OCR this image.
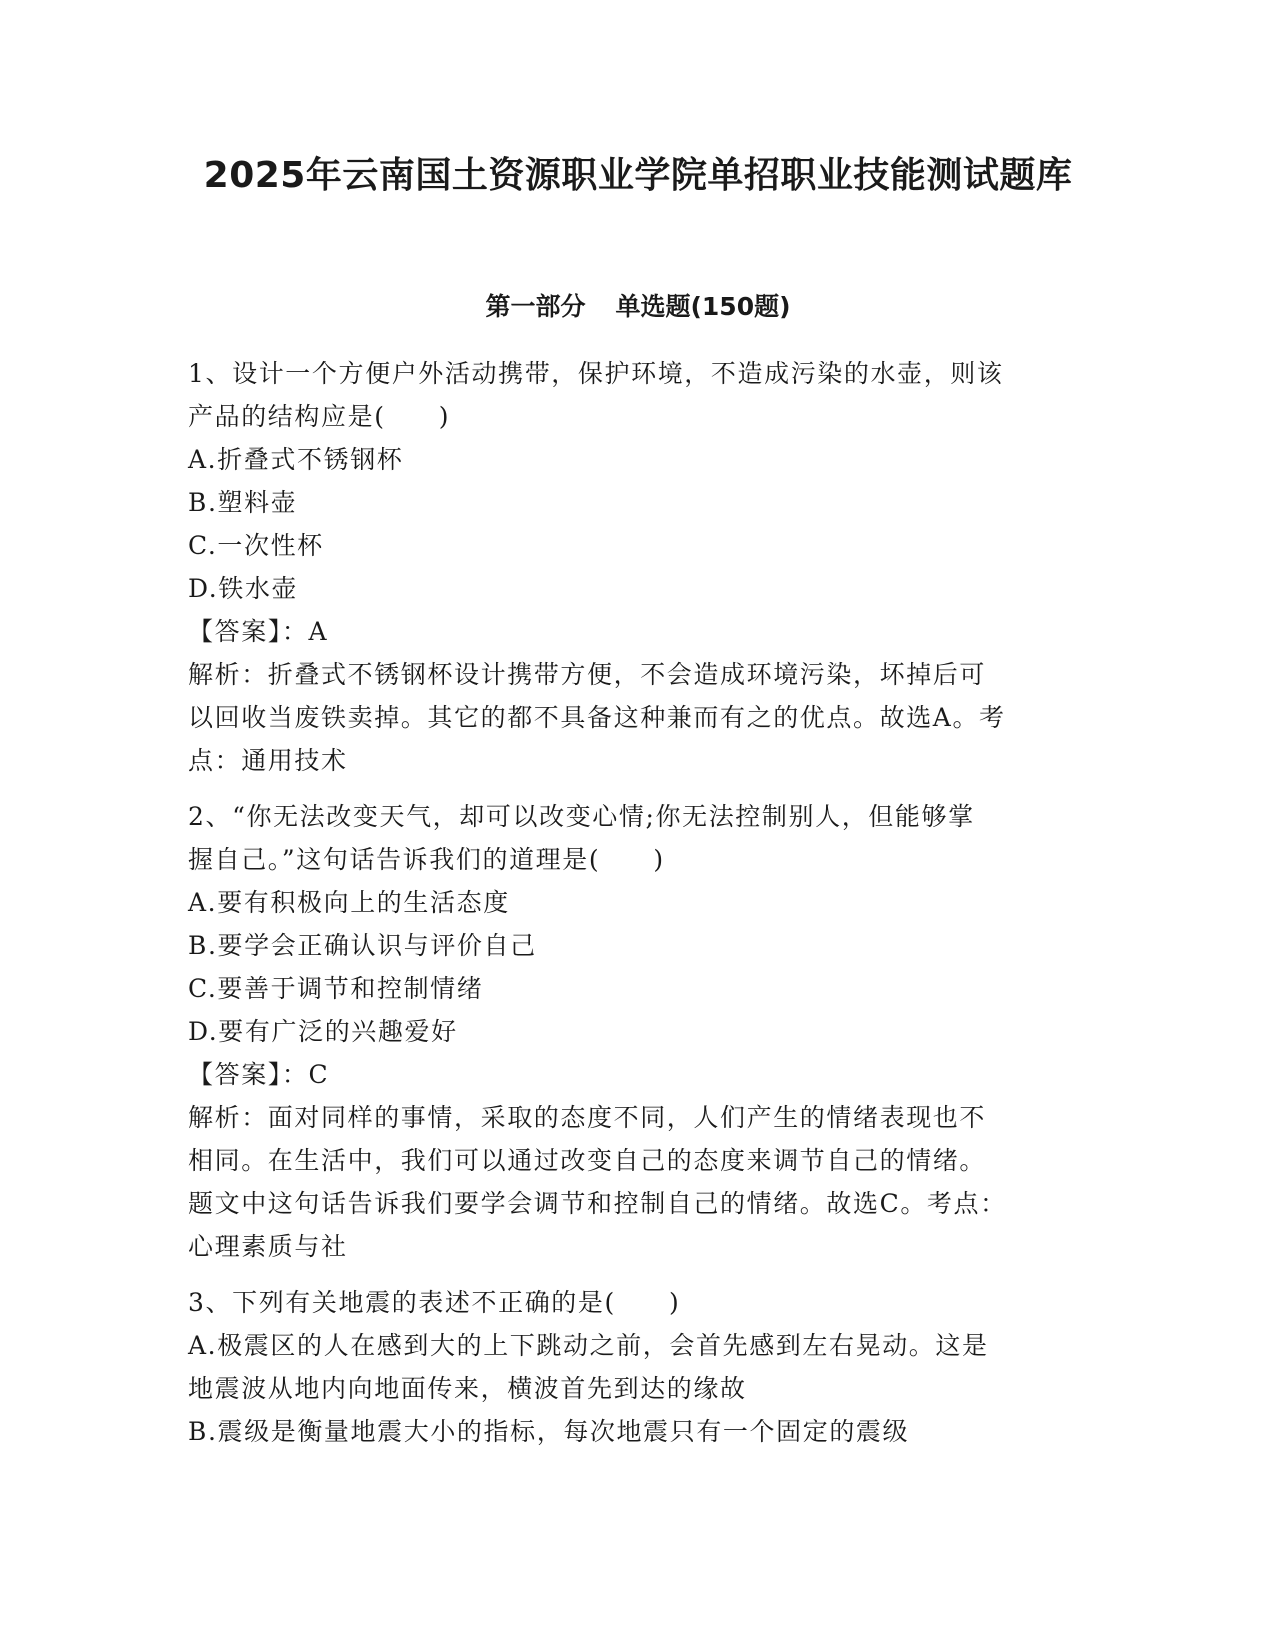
2025年云南国土资源职业学院单招职业技能测试题库
第一部分 单选题(150题)

1、设计一个方便户外活动携带，保护环境，不造成污染的水壶，则该

产品的结构应是(　　)

A.折叠式不锈钢杯

B.塑料壶

C.一次性杯

D.铁水壶

【答案】：A

解析：折叠式不锈钢杯设计携带方便，不会造成环境污染，坏掉后可

以回收当废铁卖掉。其它的都不具备这种兼而有之的优点。故选A。考

点：通用技术

2、“你无法改变天气，却可以改变心情;你无法控制别人，但能够掌

握自己。”这句话告诉我们的道理是(　　)

A.要有积极向上的生活态度

B.要学会正确认识与评价自己

C.要善于调节和控制情绪

D.要有广泛的兴趣爱好

【答案】：C

解析：面对同样的事情，采取的态度不同，人们产生的情绪表现也不

相同。在生活中，我们可以通过改变自己的态度来调节自己的情绪。

题文中这句话告诉我们要学会调节和控制自己的情绪。故选C。考点：

心理素质与社

3、下列有关地震的表述不正确的是(　　)

A.极震区的人在感到大的上下跳动之前，会首先感到左右晃动。这是

地震波从地内向地面传来，横波首先到达的缘故

B.震级是衡量地震大小的指标，每次地震只有一个固定的震级
